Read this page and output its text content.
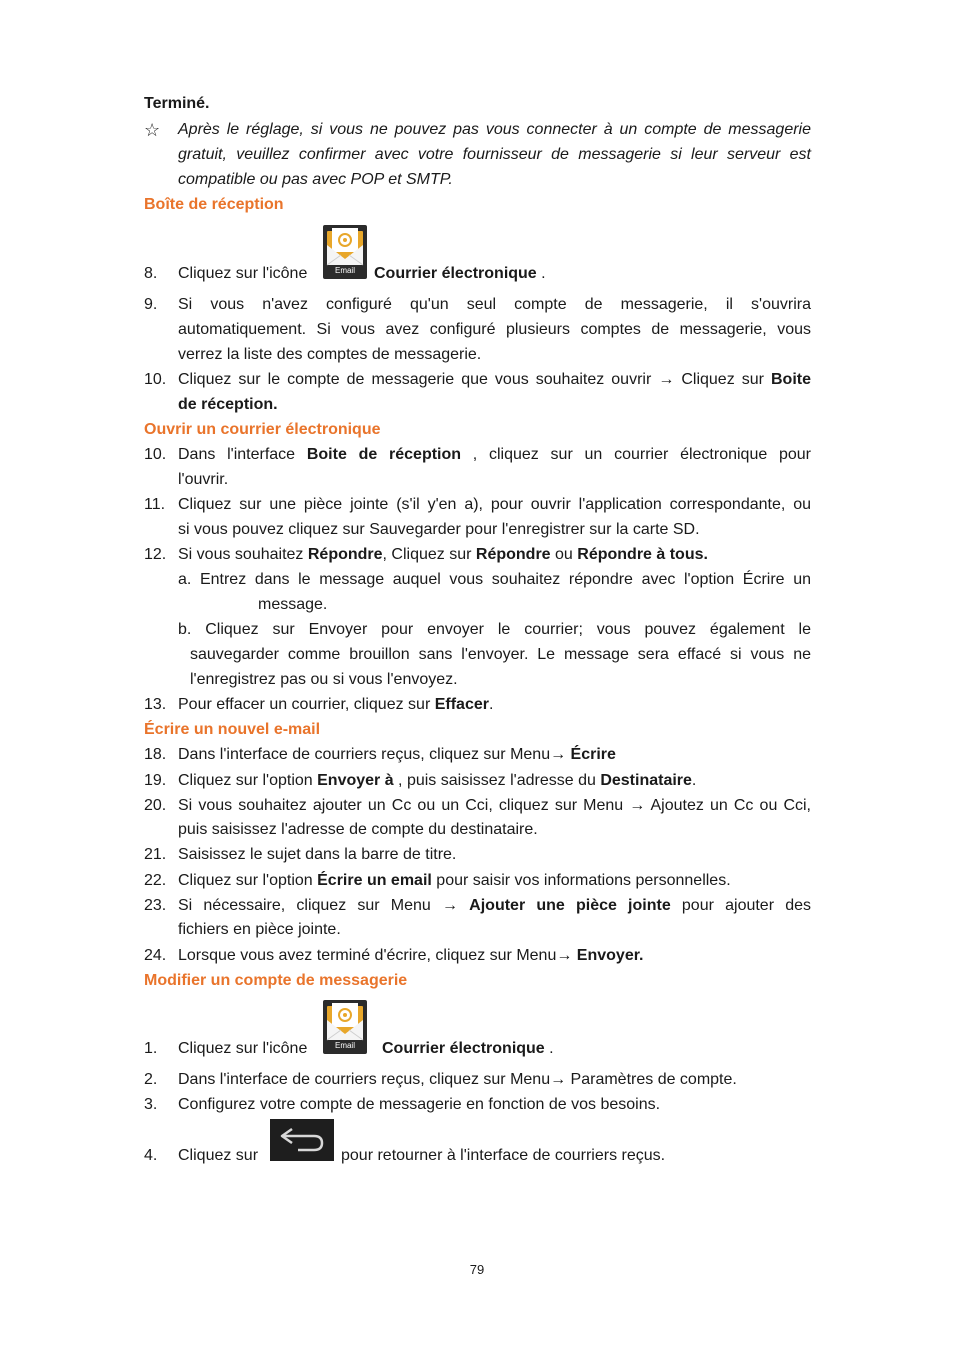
Terminé.
☆ Après le réglage, si vous ne pouvez pas vous connecter à un compte de messagerie
gratuit, veuillez confirmer avec votre fournisseur de messagerie si leur serveur est
compatible ou pas avec POP et SMTP.
Boîte de réception
8. Cliquez sur l'icône	Email	Courrier électronique .
9. Si vous n'avez configuré qu'un seul compte de messagerie, il s'ouvrira
automatiquement. Si vous avez configuré plusieurs comptes de messagerie, vous
verrez la liste des comptes de messagerie.
10. Cliquez sur le compte de messagerie que vous souhaitez ouvrir → Cliquez sur Boite
de réception.
Ouvrir un courrier électronique
10. Dans l'interface Boite de réception , cliquez sur un courrier électronique pour
l'ouvrir.
11. Cliquez sur une pièce jointe (s'il y'en a), pour ouvrir l'application correspondante, ou
si vous pouvez cliquez sur Sauvegarder pour l'enregistrer sur la carte SD.
12. Si vous souhaitez Répondre, Cliquez sur Répondre ou Répondre à tous.
a. Entrez dans le message auquel vous souhaitez répondre avec l'option Écrire un
message.
b. Cliquez sur Envoyer pour envoyer le courrier; vous pouvez également le
sauvegarder comme brouillon sans l'envoyer. Le message sera effacé si vous ne
l'enregistrez pas ou si vous l'envoyez.
13. Pour effacer un courrier, cliquez sur Effacer.
Écrire un nouvel e-mail
18. Dans l'interface de courriers reçus, cliquez sur Menu→ Écrire
19. Cliquez sur l'option Envoyer à , puis saisissez l'adresse du Destinataire.
20. Si vous souhaitez ajouter un Cc ou un Cci, cliquez sur Menu → Ajoutez un Cc ou Cci,
puis saisissez l'adresse de compte du destinataire.
21. Saisissez le sujet dans la barre de titre.
22. Cliquez sur l'option Écrire un email pour saisir vos informations personnelles.
23. Si nécessaire, cliquez sur Menu → Ajouter une pièce jointe pour ajouter des
fichiers en pièce jointe.
24. Lorsque vous avez terminé d'écrire, cliquez sur Menu→ Envoyer.
Modifier un compte de messagerie
1. Cliquez sur l'icône	Email	Courrier électronique .
2. Dans l'interface de courriers reçus, cliquez sur Menu→ Paramètres de compte.
3. Configurez votre compte de messagerie en fonction de vos besoins.
4. Cliquez sur	pour retourner à l'interface de courriers reçus.
79
